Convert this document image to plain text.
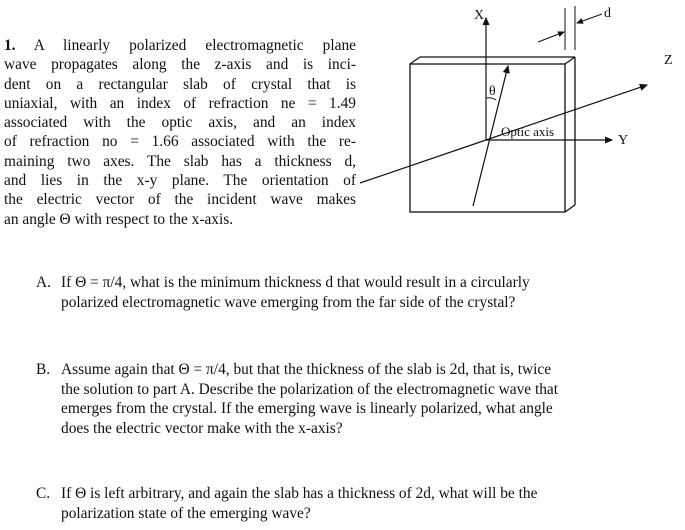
1. A linearly polarized electromagnetic plane
wave propagates along the z-axis and is inci-
dent on a rectangular slab of crystal that is
uniaxial, with an index of refraction ne = 1.49
associated with the optic axis, and an index
of refraction no = 1.66 associated with the re-
maining two axes. The slab has a thickness d,
and lies in the x-y plane. The orientation of
the electric vector of the incident wave makes
an angle Θ with respect to the x-axis.
X
Y
Z
d
θ
Optic axis
A. If Θ = π/4, what is the minimum thickness d that would result in a circularly
polarized electromagnetic wave emerging from the far side of the crystal?
B. Assume again that Θ = π/4, but that the thickness of the slab is 2d, that is, twice
the solution to part A. Describe the polarization of the electromagnetic wave that
emerges from the crystal. If the emerging wave is linearly polarized, what angle
does the electric vector make with the x-axis?
C. If Θ is left arbitrary, and again the slab has a thickness of 2d, what will be the
polarization state of the emerging wave?
